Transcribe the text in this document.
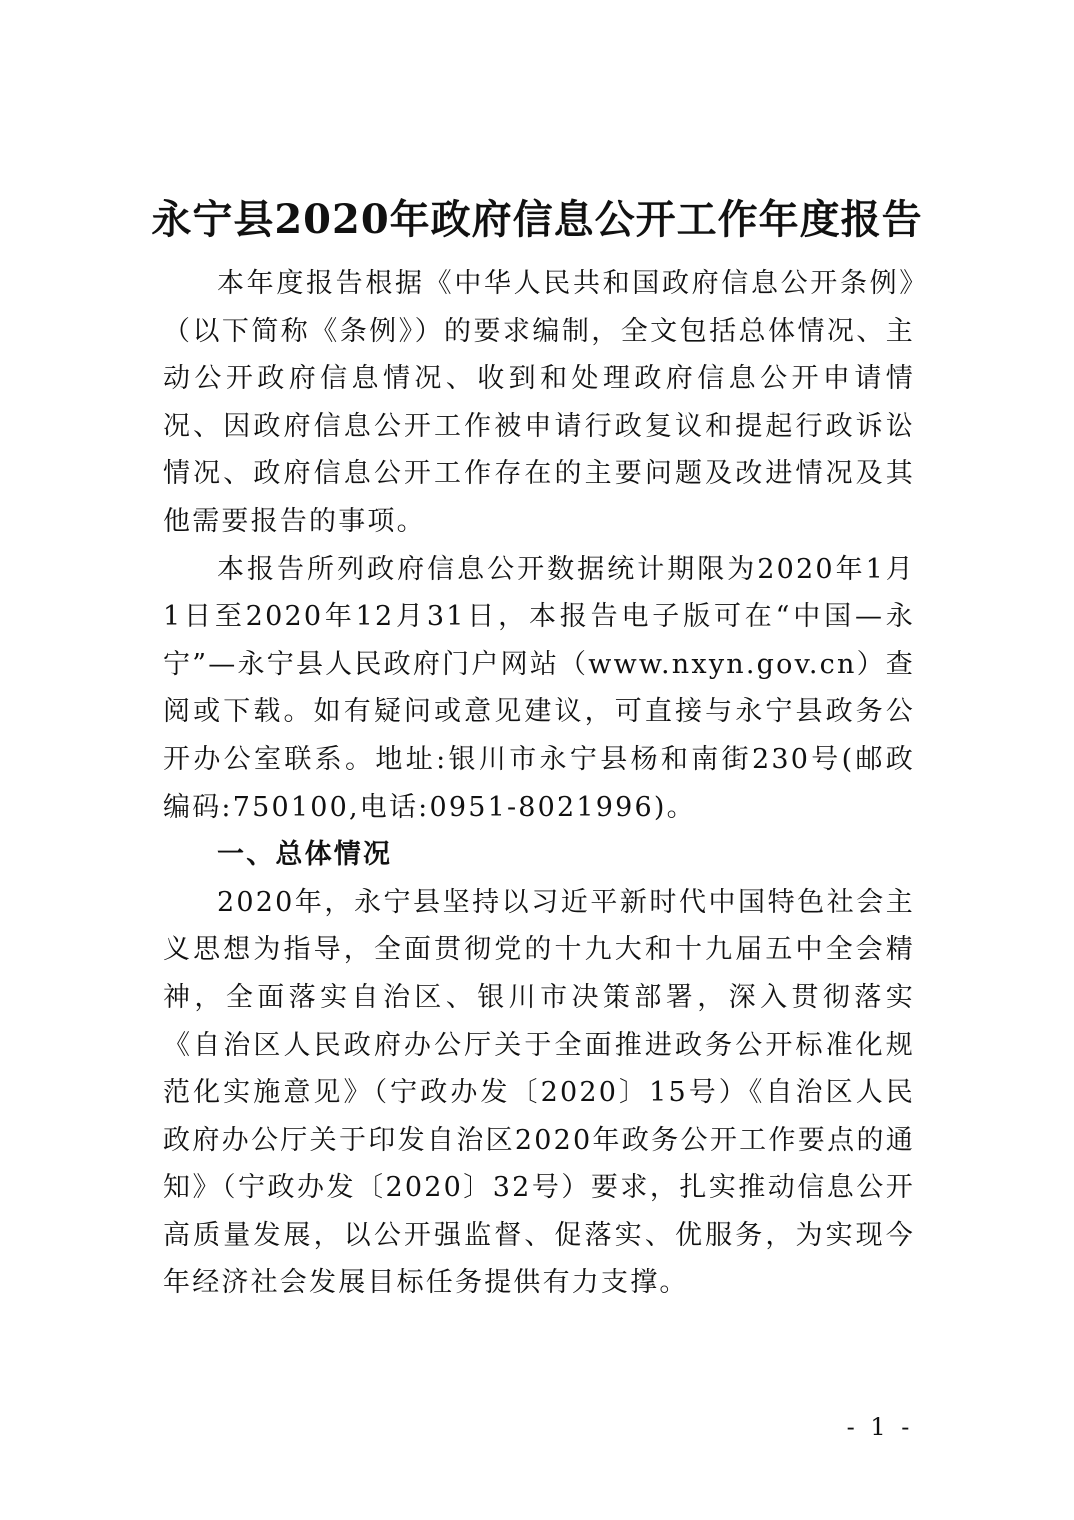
永宁县2020年政府信息公开工作年度报告

本年度报告根据《中华人民共和国政府信息公开条例》（以下简称《条例》）的要求编制，全文包括总体情况、主动公开政府信息情况、收到和处理政府信息公开申请情况、因政府信息公开工作被申请行政复议和提起行政诉讼情况、政府信息公开工作存在的主要问题及改进情况及其他需要报告的事项。

本报告所列政府信息公开数据统计期限为2020年1月1日至2020年12月31日，本报告电子版可在“中国—永宁”—永宁县人民政府门户网站（www.nxyn.gov.cn）查阅或下载。如有疑问或意见建议，可直接与永宁县政务公开办公室联系。地址:银川市永宁县杨和南街230号(邮政编码:750100,电话:0951-8021996)。

一、总体情况

2020年，永宁县坚持以习近平新时代中国特色社会主义思想为指导，全面贯彻党的十九大和十九届五中全会精神，全面落实自治区、银川市决策部署，深入贯彻落实《自治区人民政府办公厅关于全面推进政务公开标准化规范化实施意见》（宁政办发〔2020〕15号）《自治区人民政府办公厅关于印发自治区2020年政务公开工作要点的通知》（宁政办发〔2020〕32号）要求，扎实推动信息公开高质量发展，以公开强监督、促落实、优服务，为实现今年经济社会发展目标任务提供有力支撑。

- 1 -
